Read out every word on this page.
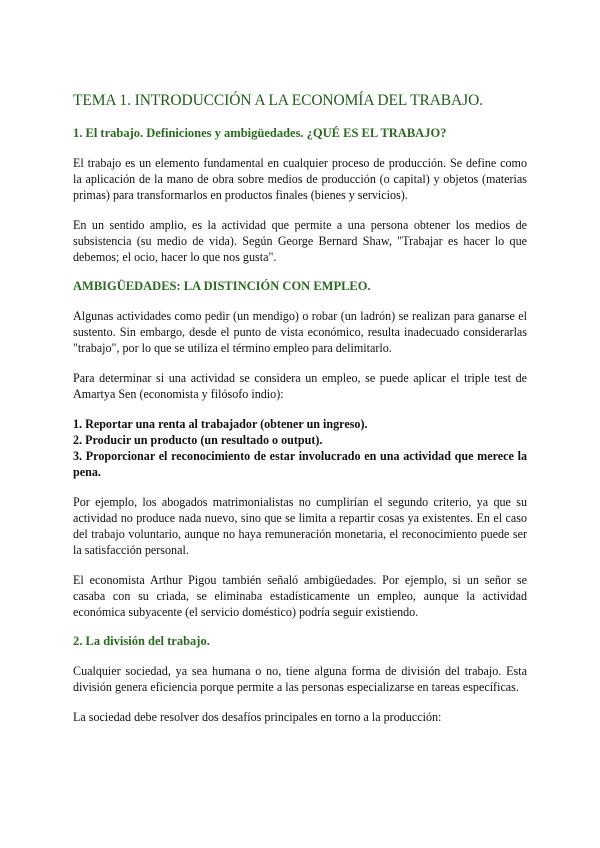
TEMA 1. INTRODUCCIÓN A LA ECONOMÍA DEL TRABAJO.
1. El trabajo. Definiciones y ambigüedades. ¿QUÉ ES EL TRABAJO?

El trabajo es un elemento fundamental en cualquier proceso de producción. Se define como la aplicación de la mano de obra sobre medios de producción (o capital) y objetos (materias primas) para transformarlos en productos finales (bienes y servicios).

En un sentido amplio, es la actividad que permite a una persona obtener los medios de subsistencia (su medio de vida). Según George Bernard Shaw, "Trabajar es hacer lo que debemos; el ocio, hacer lo que nos gusta".

AMBIGÜEDADES: LA DISTINCIÓN CON EMPLEO.

Algunas actividades como pedir (un mendigo) o robar (un ladrón) se realizan para ganarse el sustento. Sin embargo, desde el punto de vista económico, resulta inadecuado considerarlas "trabajo", por lo que se utiliza el término empleo para delimitarlo.

Para determinar si una actividad se considera un empleo, se puede aplicar el triple test de Amartya Sen (economista y filósofo indio):

1. Reportar una renta al trabajador (obtener un ingreso).
2. Producir un producto (un resultado o output).
3. Proporcionar el reconocimiento de estar involucrado en una actividad que merece la pena.

Por ejemplo, los abogados matrimonialistas no cumplirían el segundo criterio, ya que su actividad no produce nada nuevo, sino que se limita a repartir cosas ya existentes. En el caso del trabajo voluntario, aunque no haya remuneración monetaria, el reconocimiento puede ser la satisfacción personal.

El economista Arthur Pigou también señaló ambigüedades. Por ejemplo, si un señor se casaba con su criada, se eliminaba estadísticamente un empleo, aunque la actividad económica subyacente (el servicio doméstico) podría seguir existiendo.

2. La división del trabajo.

Cualquier sociedad, ya sea humana o no, tiene alguna forma de división del trabajo. Esta división genera eficiencia porque permite a las personas especializarse en tareas específicas.

La sociedad debe resolver dos desafíos principales en torno a la producción:
